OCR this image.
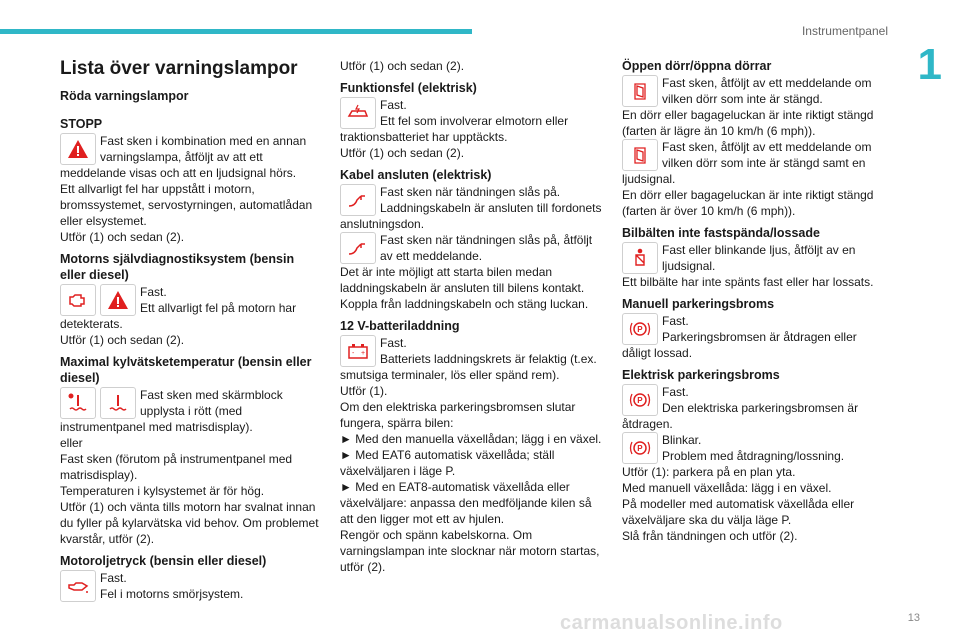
Instrumentpanel
1
Lista över varningslampor
Röda varningslampor
STOPP

Fast sken i kombination med en annan varningslampa, åtföljt av att ett

meddelande visas och att en ljudsignal hörs.

Ett allvarligt fel har uppstått i motorn, bromssystemet, servostyrningen, automatlådan eller elsystemet.

Utför (1) och sedan (2).

Motorns självdiagnostiksystem (bensin eller diesel)

Fast.

Ett allvarligt fel på motorn har

detekterats.

Utför (1) och sedan (2).

Maximal kylvätsketemperatur (bensin eller diesel)

Fast sken med skärmblock upplysta i rött (med

instrumentpanel med matrisdisplay).

eller

Fast sken (förutom på instrumentpanel med matrisdisplay).

Temperaturen i kylsystemet är för hög.

Utför (1) och vänta tills motorn har svalnat innan du fyller på kylarvätska vid behov. Om problemet kvarstår, utför (2).

Motoroljetryck (bensin eller diesel)

Fast.

Fel i motorns smörjsystem.

Utför (1) och sedan (2).

Funktionsfel (elektrisk)

Fast.

Ett fel som involverar elmotorn eller

traktionsbatteriet har upptäckts.

Utför (1) och sedan (2).

Kabel ansluten (elektrisk)

Fast sken när tändningen slås på. Laddningskabeln är ansluten till fordonets

anslutningsdon.

Fast sken när tändningen slås på, åtföljt av ett meddelande.

Det är inte möjligt att starta bilen medan laddningskabeln är ansluten till bilens kontakt. Koppla från laddningskabeln och stäng luckan.

12 V-batteriladdning
- +

Fast.

Batteriets laddningskrets är felaktig (t.ex.

smutsiga terminaler, lös eller spänd rem).

Utför (1).

Om den elektriska parkeringsbromsen slutar fungera, spärra bilen:

► Med den manuella växellådan; lägg i en växel.

► Med EAT6 automatisk växellåda; ställ växelväljaren i läge P.

► Med en EAT8-automatisk växellåda eller växelväljare: anpassa den medföljande kilen så att den ligger mot ett av hjulen.

Rengör och spänn kabelskorna. Om varningslampan inte slocknar när motorn startas, utför (2).

Öppen dörr/öppna dörrar

Fast sken, åtföljt av ett meddelande om vilken dörr som inte är stängd.

En dörr eller bagageluckan är inte riktigt stängd (farten är lägre än 10 km/h (6 mph)).

Fast sken, åtföljt av ett meddelande om vilken dörr som inte är stängd samt en

ljudsignal.

En dörr eller bagageluckan är inte riktigt stängd (farten är över 10 km/h (6 mph)).

Bilbälten inte fastspända/lossade

Fast eller blinkande ljus, åtföljt av en ljudsignal.

Ett bilbälte har inte spänts fast eller har lossats.

Manuell parkeringsbroms
P

Fast.

Parkeringsbromsen är åtdragen eller

dåligt lossad.

Elektrisk parkeringsbroms
P

Fast.

Den elektriska parkeringsbromsen är

åtdragen.

P

Blinkar.

Problem med åtdragning/lossning.

Utför (1): parkera på en plan yta.

Med manuell växellåda: lägg i en växel.

På modeller med automatisk växellåda eller växelväljare ska du välja läge P.

Slå från tändningen och utför (2).

carmanualsonline.info	13
